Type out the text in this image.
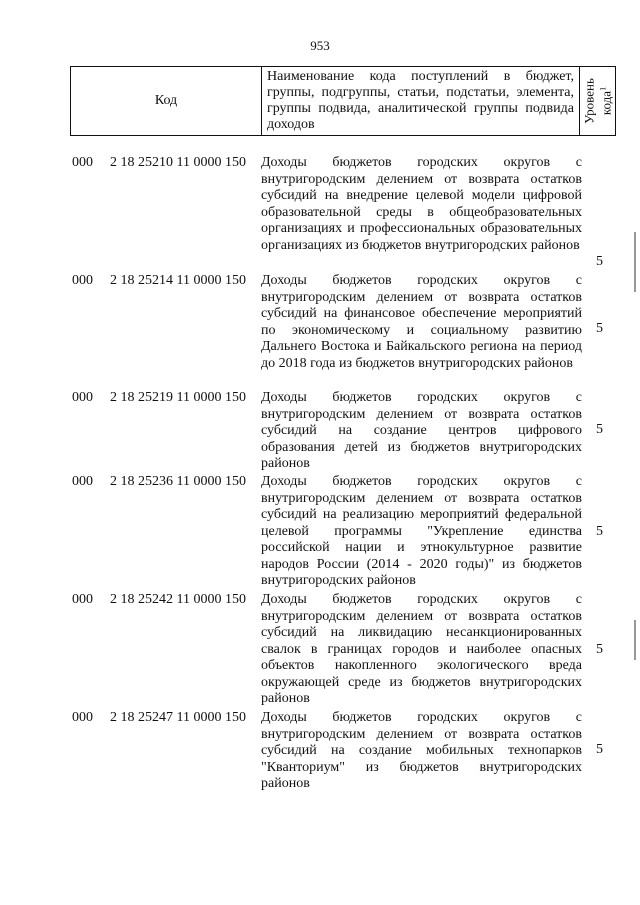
953
Код
Наименование кода поступлений в бюджет, группы, подгруппы, статьи, подстатьи, элемента, группы подвида, аналитической группы подвида доходов
Уровень кода$^1$
000 2 18 25210 11 0000 150 Доходы бюджетов городских округов с внутригородским делением от возврата остатков субсидий на внедрение целевой модели цифровой образовательной среды в общеобразовательных организациях и профессиональных образовательных организациях из бюджетов внутригородских районов
5
000 2 18 25214 11 0000 150 Доходы бюджетов городских округов с внутригородским делением от возврата остатков субсидий на финансовое обеспечение мероприятий по экономическому и социальному развитию Дальнего Востока и Байкальского региона на период до 2018 года из бюджетов внутригородских районов
5
000 2 18 25219 11 0000 150 Доходы бюджетов городских округов с внутригородским делением от возврата остатков субсидий на создание центров цифрового образования детей из бюджетов внутригородских районов
5
000 2 18 25236 11 0000 150 Доходы бюджетов городских округов с внутригородским делением от возврата остатков субсидий на реализацию мероприятий федеральной целевой программы "Укрепление единства российской нации и этнокультурное развитие народов России (2014 - 2020 годы)" из бюджетов внутригородских районов
5
000 2 18 25242 11 0000 150 Доходы бюджетов городских округов с внутригородским делением от возврата остатков субсидий на ликвидацию несанкционированных свалок в границах городов и наиболее опасных объектов накопленного экологического вреда окружающей среде из бюджетов внутригородских районов
5
000 2 18 25247 11 0000 150 Доходы бюджетов городских округов с внутригородским делением от возврата остатков субсидий на создание мобильных технопарков "Кванториум" из бюджетов внутригородских районов
5
